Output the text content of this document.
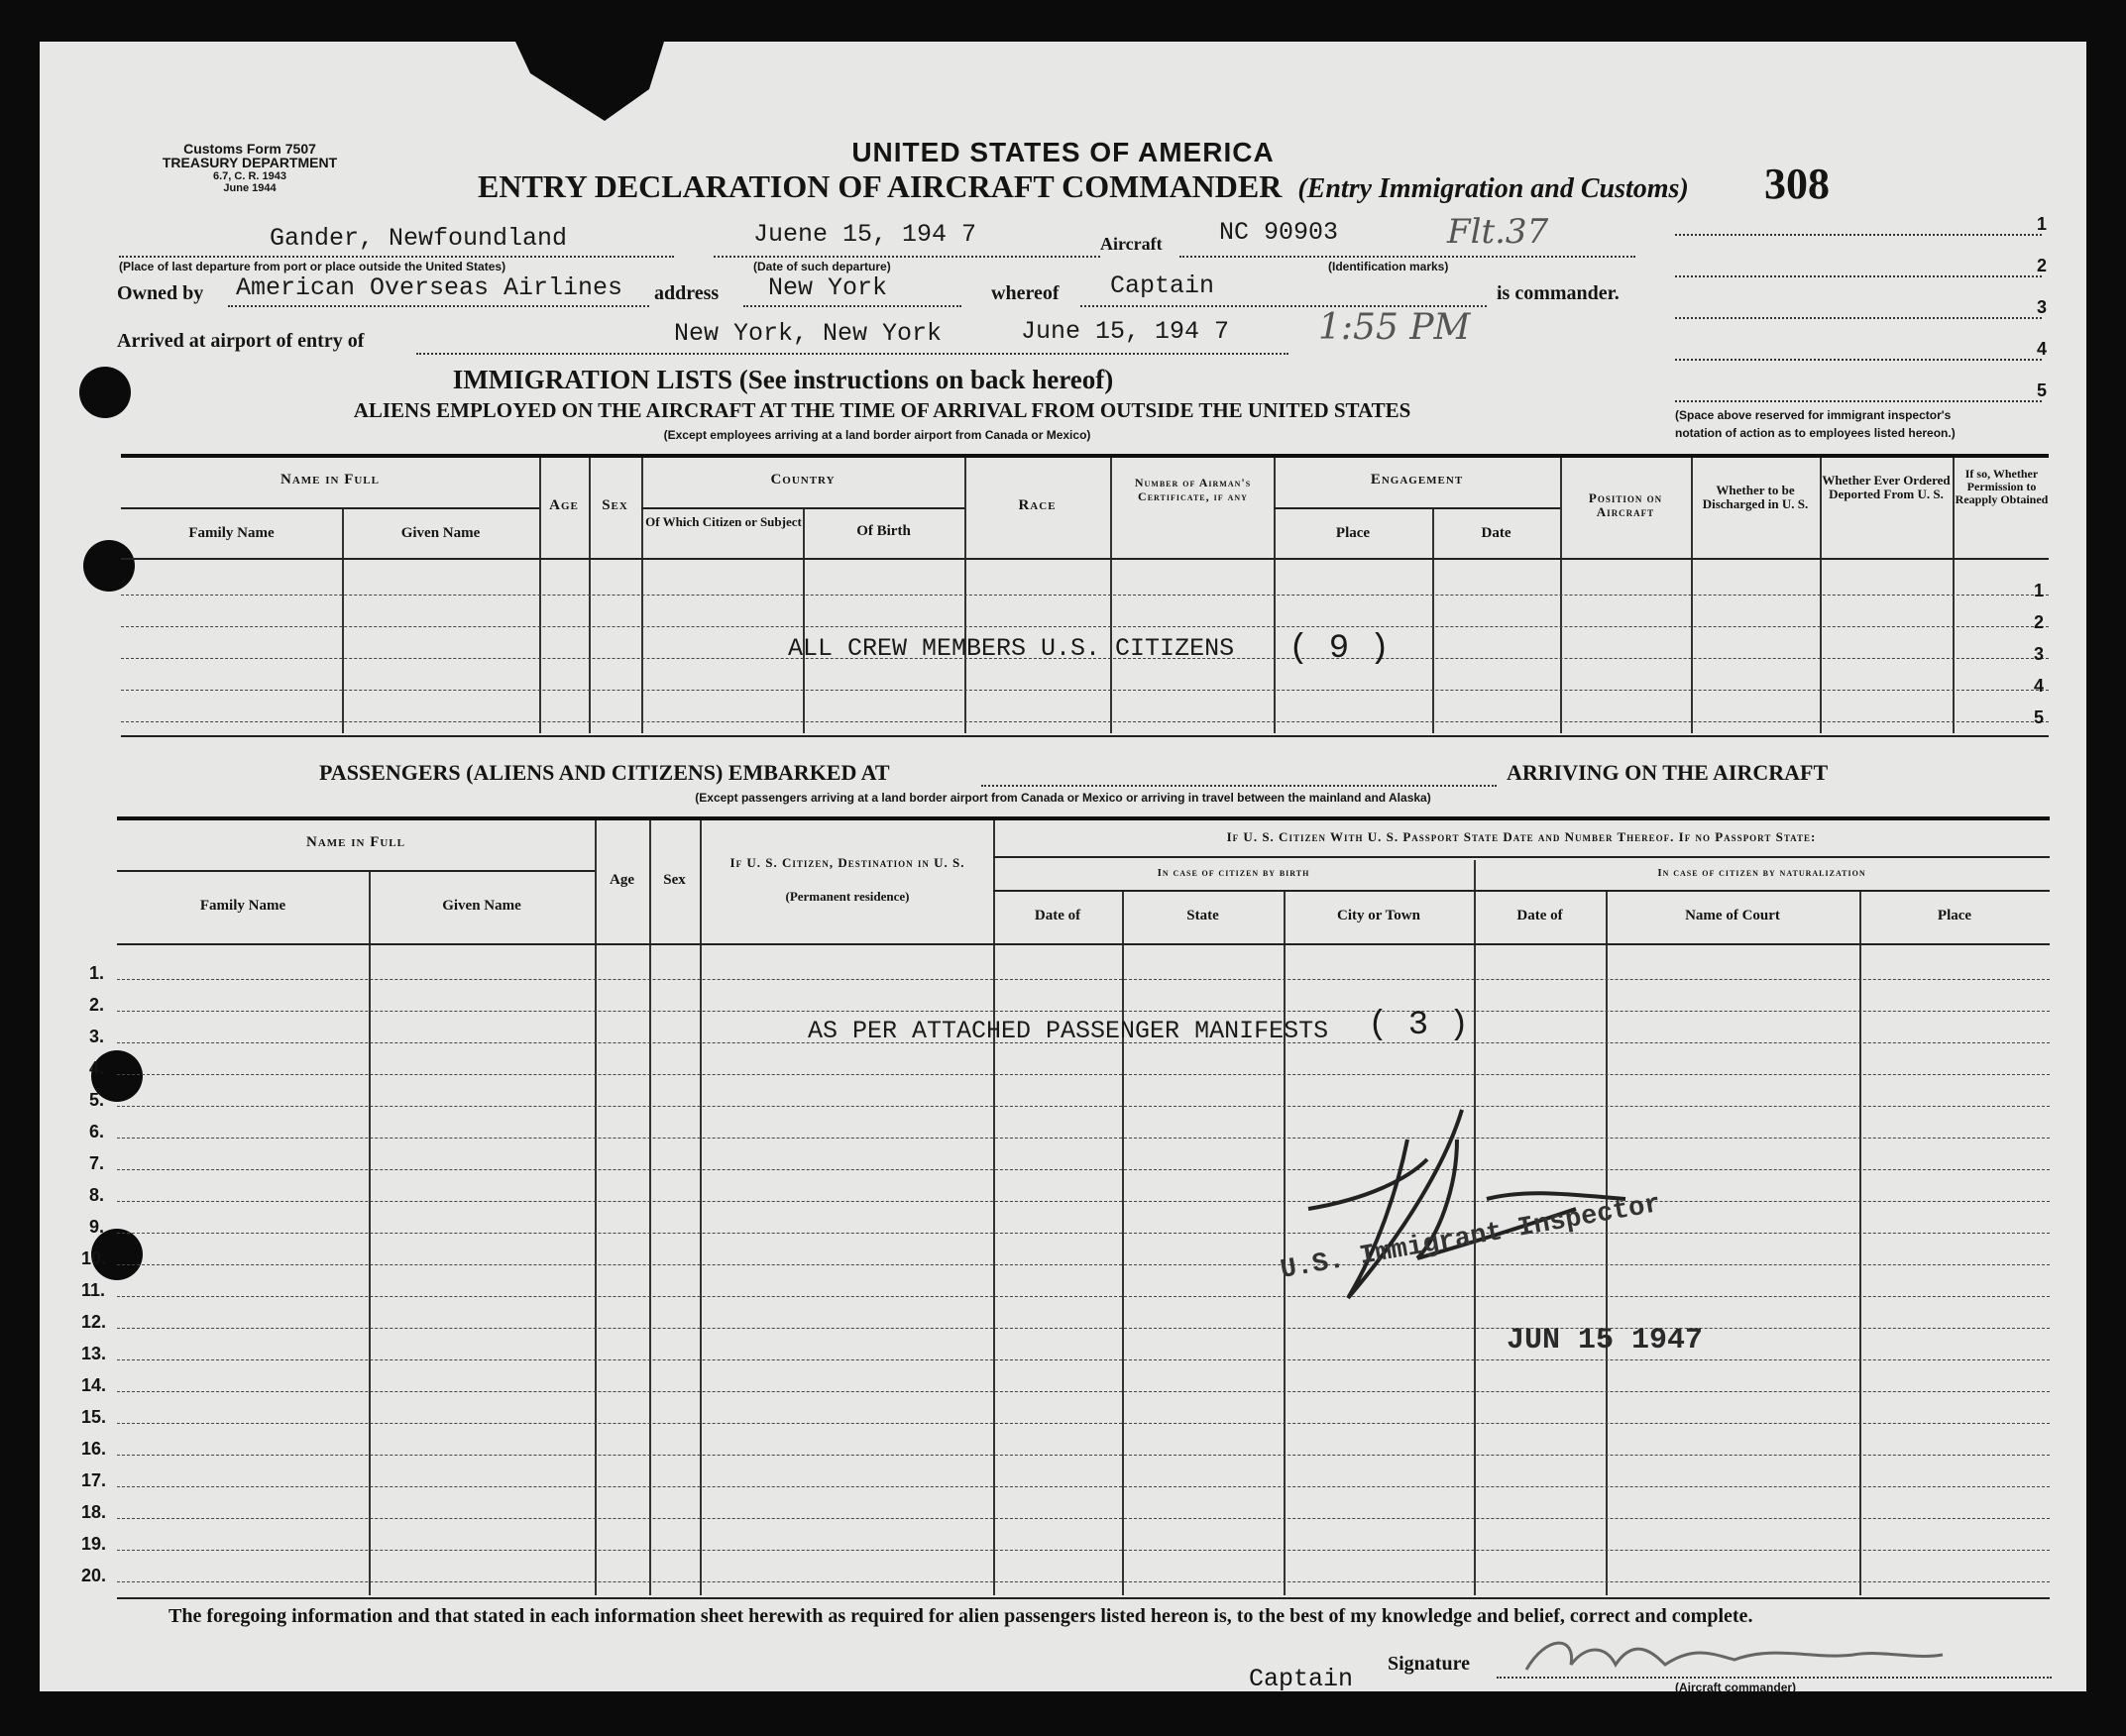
Customs Form 7507
TREASURY DEPARTMENT
6.7, C. R. 1943
June 1944
UNITED STATES OF AMERICA
ENTRY DECLARATION OF AIRCRAFT COMMANDER (Entry Immigration and Customs) 308
Gander, Newfoundland
(Place of last departure from port or place outside the United States)
Juene 15, 194 7
(Date of such departure)
Aircraft NC 90903	Flt.37
(Identification marks)
Owned by American Overseas Airlines address New York	whereof Captain	is commander.
Arrived at airport of entry of	New York, New York	June 15, 194 7 1:55 PM
1
2
3
4
5
(Space above reserved for immigrant inspector's
notation of action as to employees listed hereon.)
IMMIGRATION LISTS (See instructions on back hereof)
ALIENS EMPLOYED ON THE AIRCRAFT AT THE TIME OF ARRIVAL FROM OUTSIDE THE UNITED STATES
(Except employees arriving at a land border airport from Canada or Mexico)
Name in Full
Family Name	Given Name
Age	Sex
Country
Of Which Citizen or Subject
Of Birth
Race
Number of Airman's Certificate, if any
Engagement
Place	Date
Position on Aircraft
Whether to be Discharged in U. S.
Whether Ever Ordered Deported From U. S.
If so, Whether Permission to Reapply Obtained
1
2
3
4
5
ALL CREW MEMBERS U.S. CITIZENS ( 9 )
PASSENGERS (ALIENS AND CITIZENS) EMBARKED AT	ARRIVING ON THE AIRCRAFT
(Except passengers arriving at a land border airport from Canada or Mexico or arriving in travel between the mainland and Alaska)
Name in Full
Family Name	Given Name
Age	Sex
If U. S. Citizen, Destination in U. S.
(Permanent residence)
If U. S. Citizen With U. S. Passport State Date and Number Thereof. If no Passport State:
In case of citizen by birth	In case of citizen by naturalization
Date of	State	City or Town	Date of	Name of Court	Place
1.
2.
3.
4.
5.
6.
7.
8.
9.
10.
11.
12.
13.
14.
15.
16.
17.
18.
19.
20.
AS PER ATTACHED PASSENGER MANIFESTS ( 3 )
U.S. Immigrant Inspector
JUN 15 1947
The foregoing information and that stated in each information sheet herewith as required for alien passengers listed hereon is, to the best of my knowledge and belief, correct and complete.
Captain
Signature
(Aircraft commander)
